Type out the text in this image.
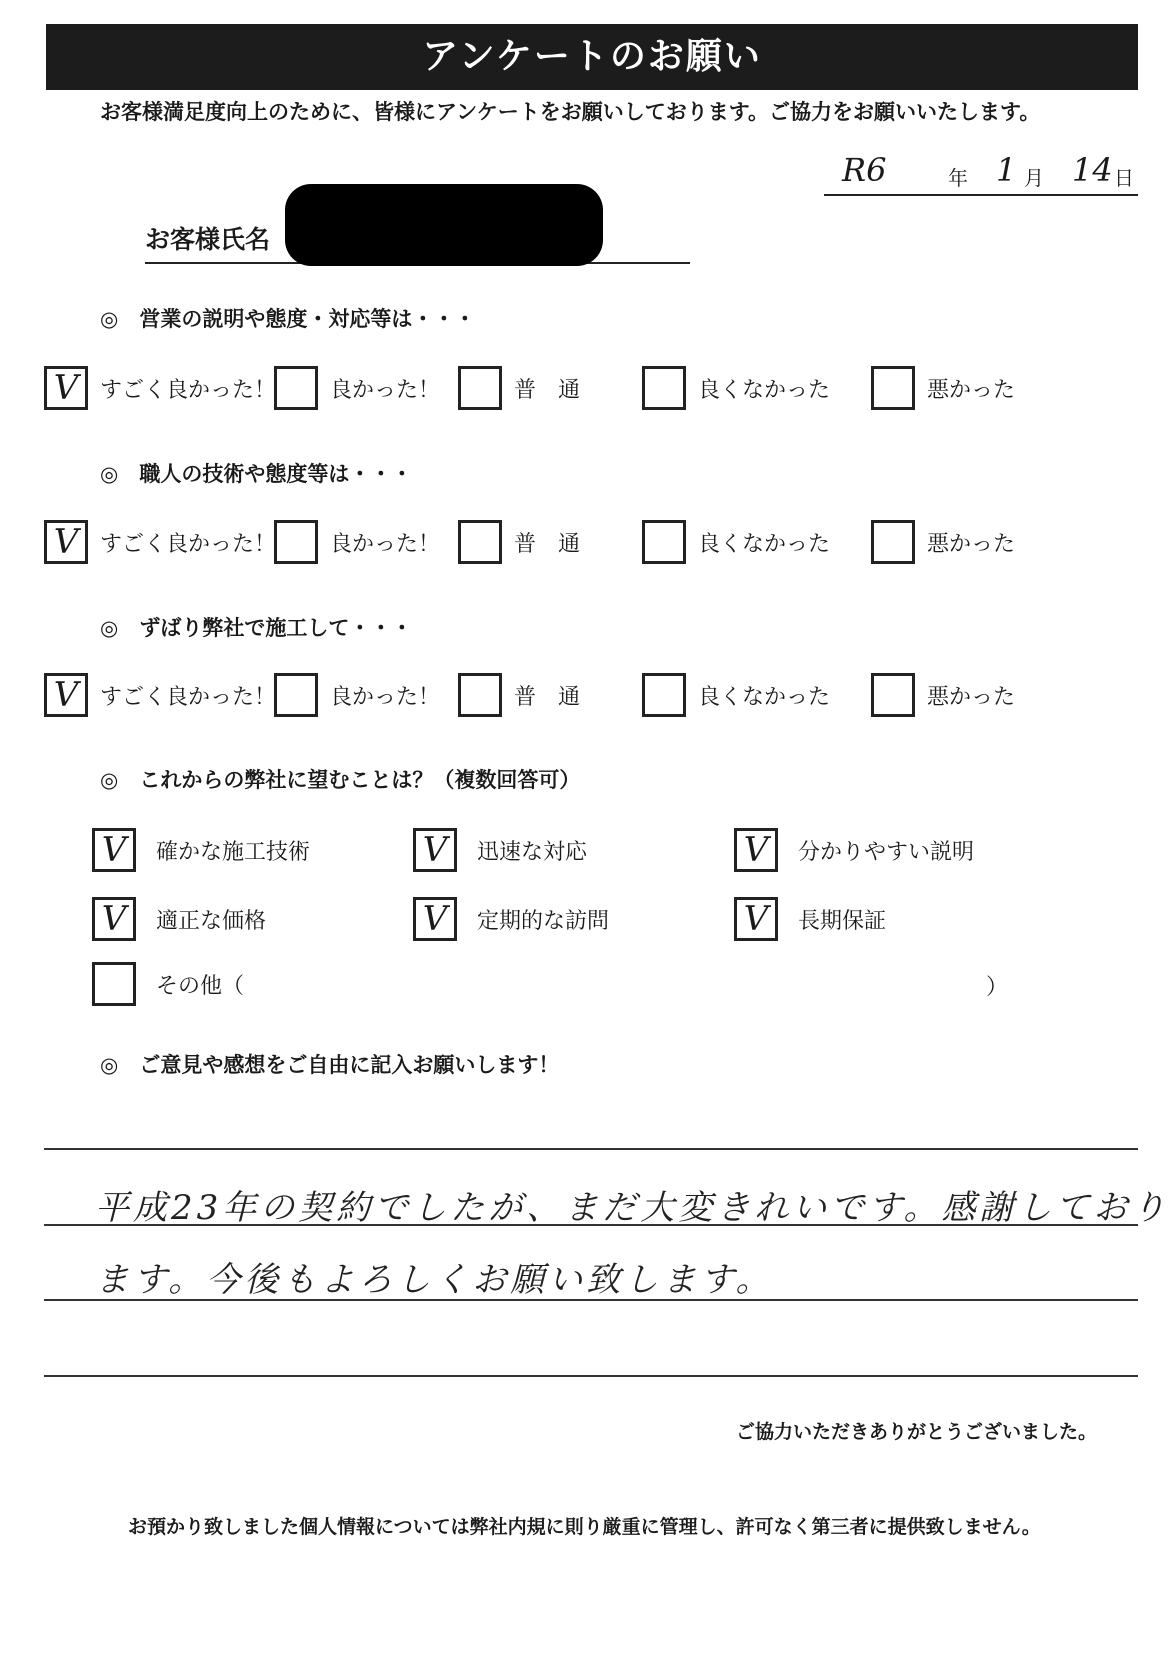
アンケートのお願い
お客様満足度向上のために、皆様にアンケートをお願いしております。ご協力をお願いいたします。
R6	年 1 月 14 日
お客様氏名
◎　営業の説明や態度・対応等は・・・
V すごく良かった！ 良かった！	普　通	良くなかった	悪かった
◎　職人の技術や態度等は・・・
V すごく良かった！ 良かった！	普　通	良くなかった	悪かった
◎　ずばり弊社で施工して・・・
V すごく良かった！ 良かった！	普　通	良くなかった	悪かった
◎　これからの弊社に望むことは？（複数回答可）
V 確かな施工技術	V 迅速な対応	V 分かりやすい説明
V 適正な価格	V 定期的な訪問	V 長期保証
その他（	）
◎　ご意見や感想をご自由に記入お願いします！
平成23年の契約でしたが、まだ大変きれいです。感謝しており
ます。今後もよろしくお願い致します。
ご協力いただきありがとうございました。
お預かり致しました個人情報については弊社内規に則り厳重に管理し、許可なく第三者に提供致しません。
